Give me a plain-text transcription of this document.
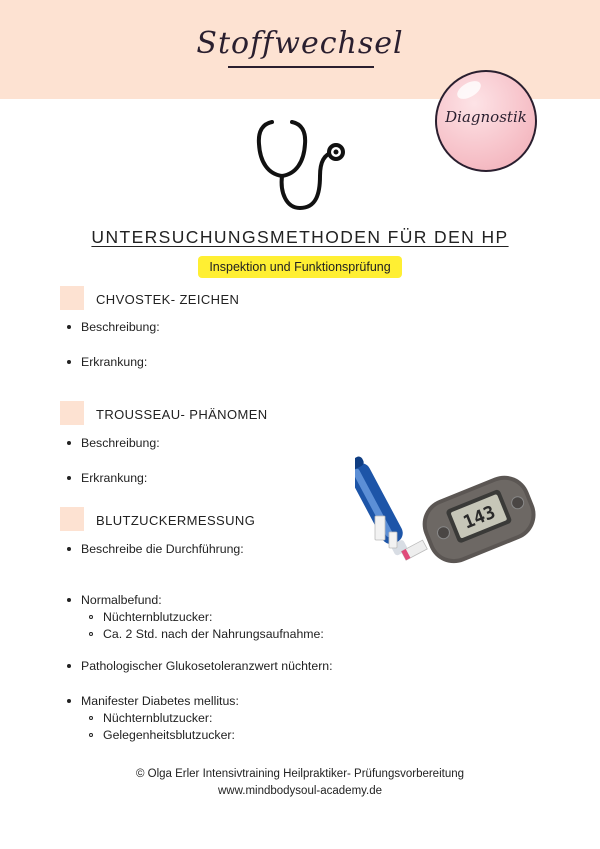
Stoffwechsel
Diagnostik
UNTERSUCHUNGSMETHODEN FÜR DEN HP
Inspektion und Funktionsprüfung
CHVOSTEK- ZEICHEN
Beschreibung:
Erkrankung:
TROUSSEAU- PHÄNOMEN
Beschreibung:
Erkrankung:
BLUTZUCKERMESSUNG
Beschreibe die Durchführung:
Normalbefund:
Nüchternblutzucker:
Ca. 2 Std. nach der Nahrungsaufnahme:
Pathologischer Glukosetoleranzwert nüchtern:
Manifester Diabetes mellitus:
Nüchternblutzucker:
Gelegenheitsblutzucker:
143
© Olga Erler Intensivtraining Heilpraktiker- Prüfungsvorbereitung
www.mindbodysoul-academy.de
